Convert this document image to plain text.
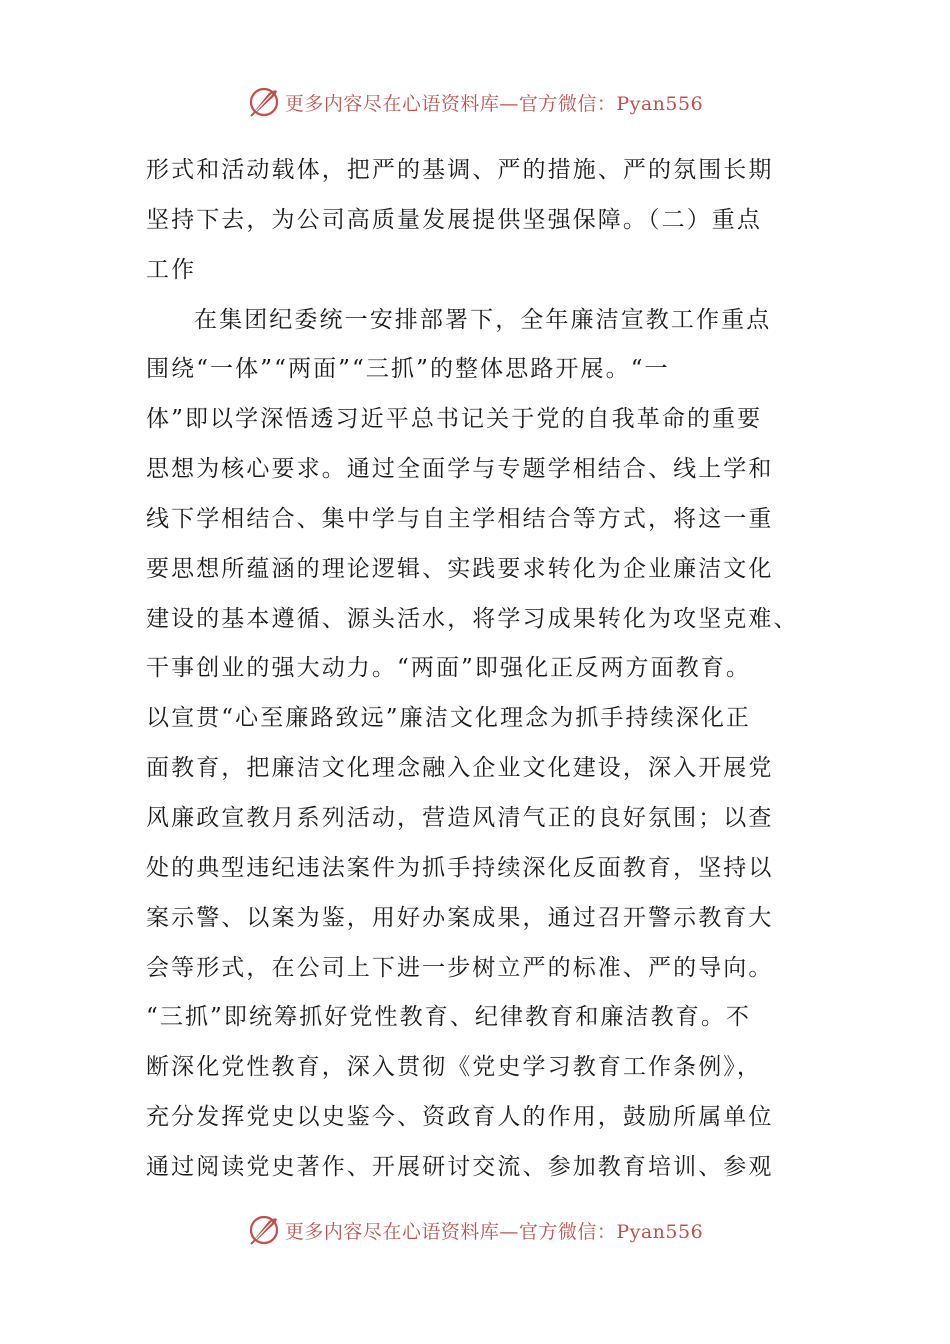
更多内容尽在心语资料库—官方微信：Pyan556
形式和活动载体，把严的基调、严的措施、严的氛围长期
坚持下去，为公司高质量发展提供坚强保障。（二）重点
工作
在集团纪委统一安排部署下，全年廉洁宣教工作重点
围绕“一体”“两面”“三抓”的整体思路开展。“一
体”即以学深悟透习近平总书记关于党的自我革命的重要
思想为核心要求。通过全面学与专题学相结合、线上学和
线下学相结合、集中学与自主学相结合等方式，将这一重
要思想所蕴涵的理论逻辑、实践要求转化为企业廉洁文化
建设的基本遵循、源头活水，将学习成果转化为攻坚克难、
干事创业的强大动力。“两面”即强化正反两方面教育。
以宣贯“心至廉路致远”廉洁文化理念为抓手持续深化正
面教育，把廉洁文化理念融入企业文化建设，深入开展党
风廉政宣教月系列活动，营造风清气正的良好氛围；以查
处的典型违纪违法案件为抓手持续深化反面教育，坚持以
案示警、以案为鉴，用好办案成果，通过召开警示教育大
会等形式，在公司上下进一步树立严的标准、严的导向。
“三抓”即统筹抓好党性教育、纪律教育和廉洁教育。不
断深化党性教育，深入贯彻《党史学习教育工作条例》，
充分发挥党史以史鉴今、资政育人的作用，鼓励所属单位
通过阅读党史著作、开展研讨交流、参加教育培训、参观
更多内容尽在心语资料库—官方微信：Pyan556
